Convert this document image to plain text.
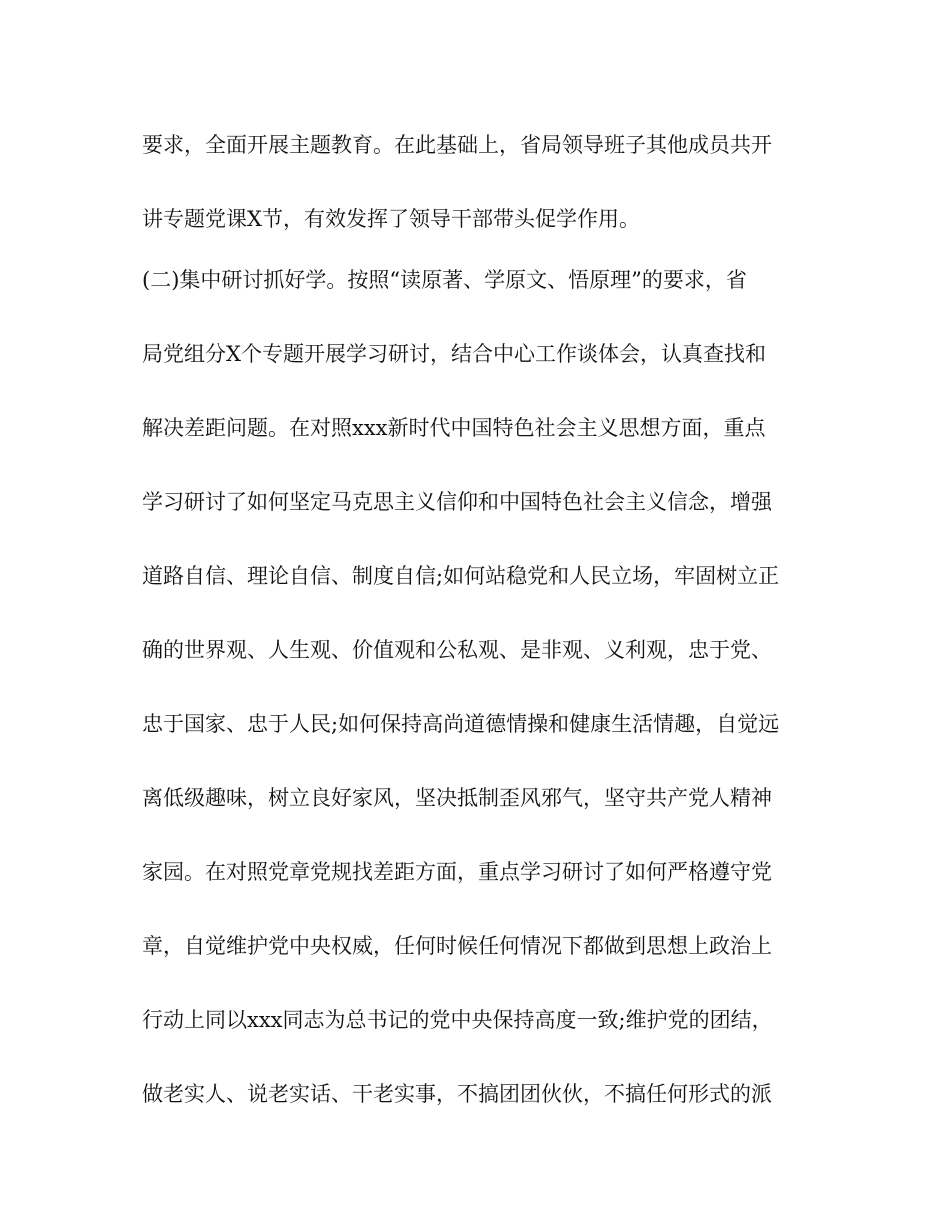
要求，全面开展主题教育。在此基础上，省局领导班子其他成员共开
讲专题党课X节，有效发挥了领导干部带头促学作用。
(二)集中研讨抓好学。按照“读原著、学原文、悟原理”的要求，省
局党组分X个专题开展学习研讨，结合中心工作谈体会，认真查找和
解决差距问题。在对照xxx新时代中国特色社会主义思想方面，重点
学习研讨了如何坚定马克思主义信仰和中国特色社会主义信念，增强
道路自信、理论自信、制度自信;如何站稳党和人民立场，牢固树立正
确的世界观、人生观、价值观和公私观、是非观、义利观，忠于党、
忠于国家、忠于人民;如何保持高尚道德情操和健康生活情趣，自觉远
离低级趣味，树立良好家风，坚决抵制歪风邪气，坚守共产党人精神
家园。在对照党章党规找差距方面，重点学习研讨了如何严格遵守党
章，自觉维护党中央权威，任何时候任何情况下都做到思想上政治上
行动上同以xxx同志为总书记的党中央保持高度一致;维护党的团结，
做老实人、说老实话、干老实事，不搞团团伙伙，不搞任何形式的派
